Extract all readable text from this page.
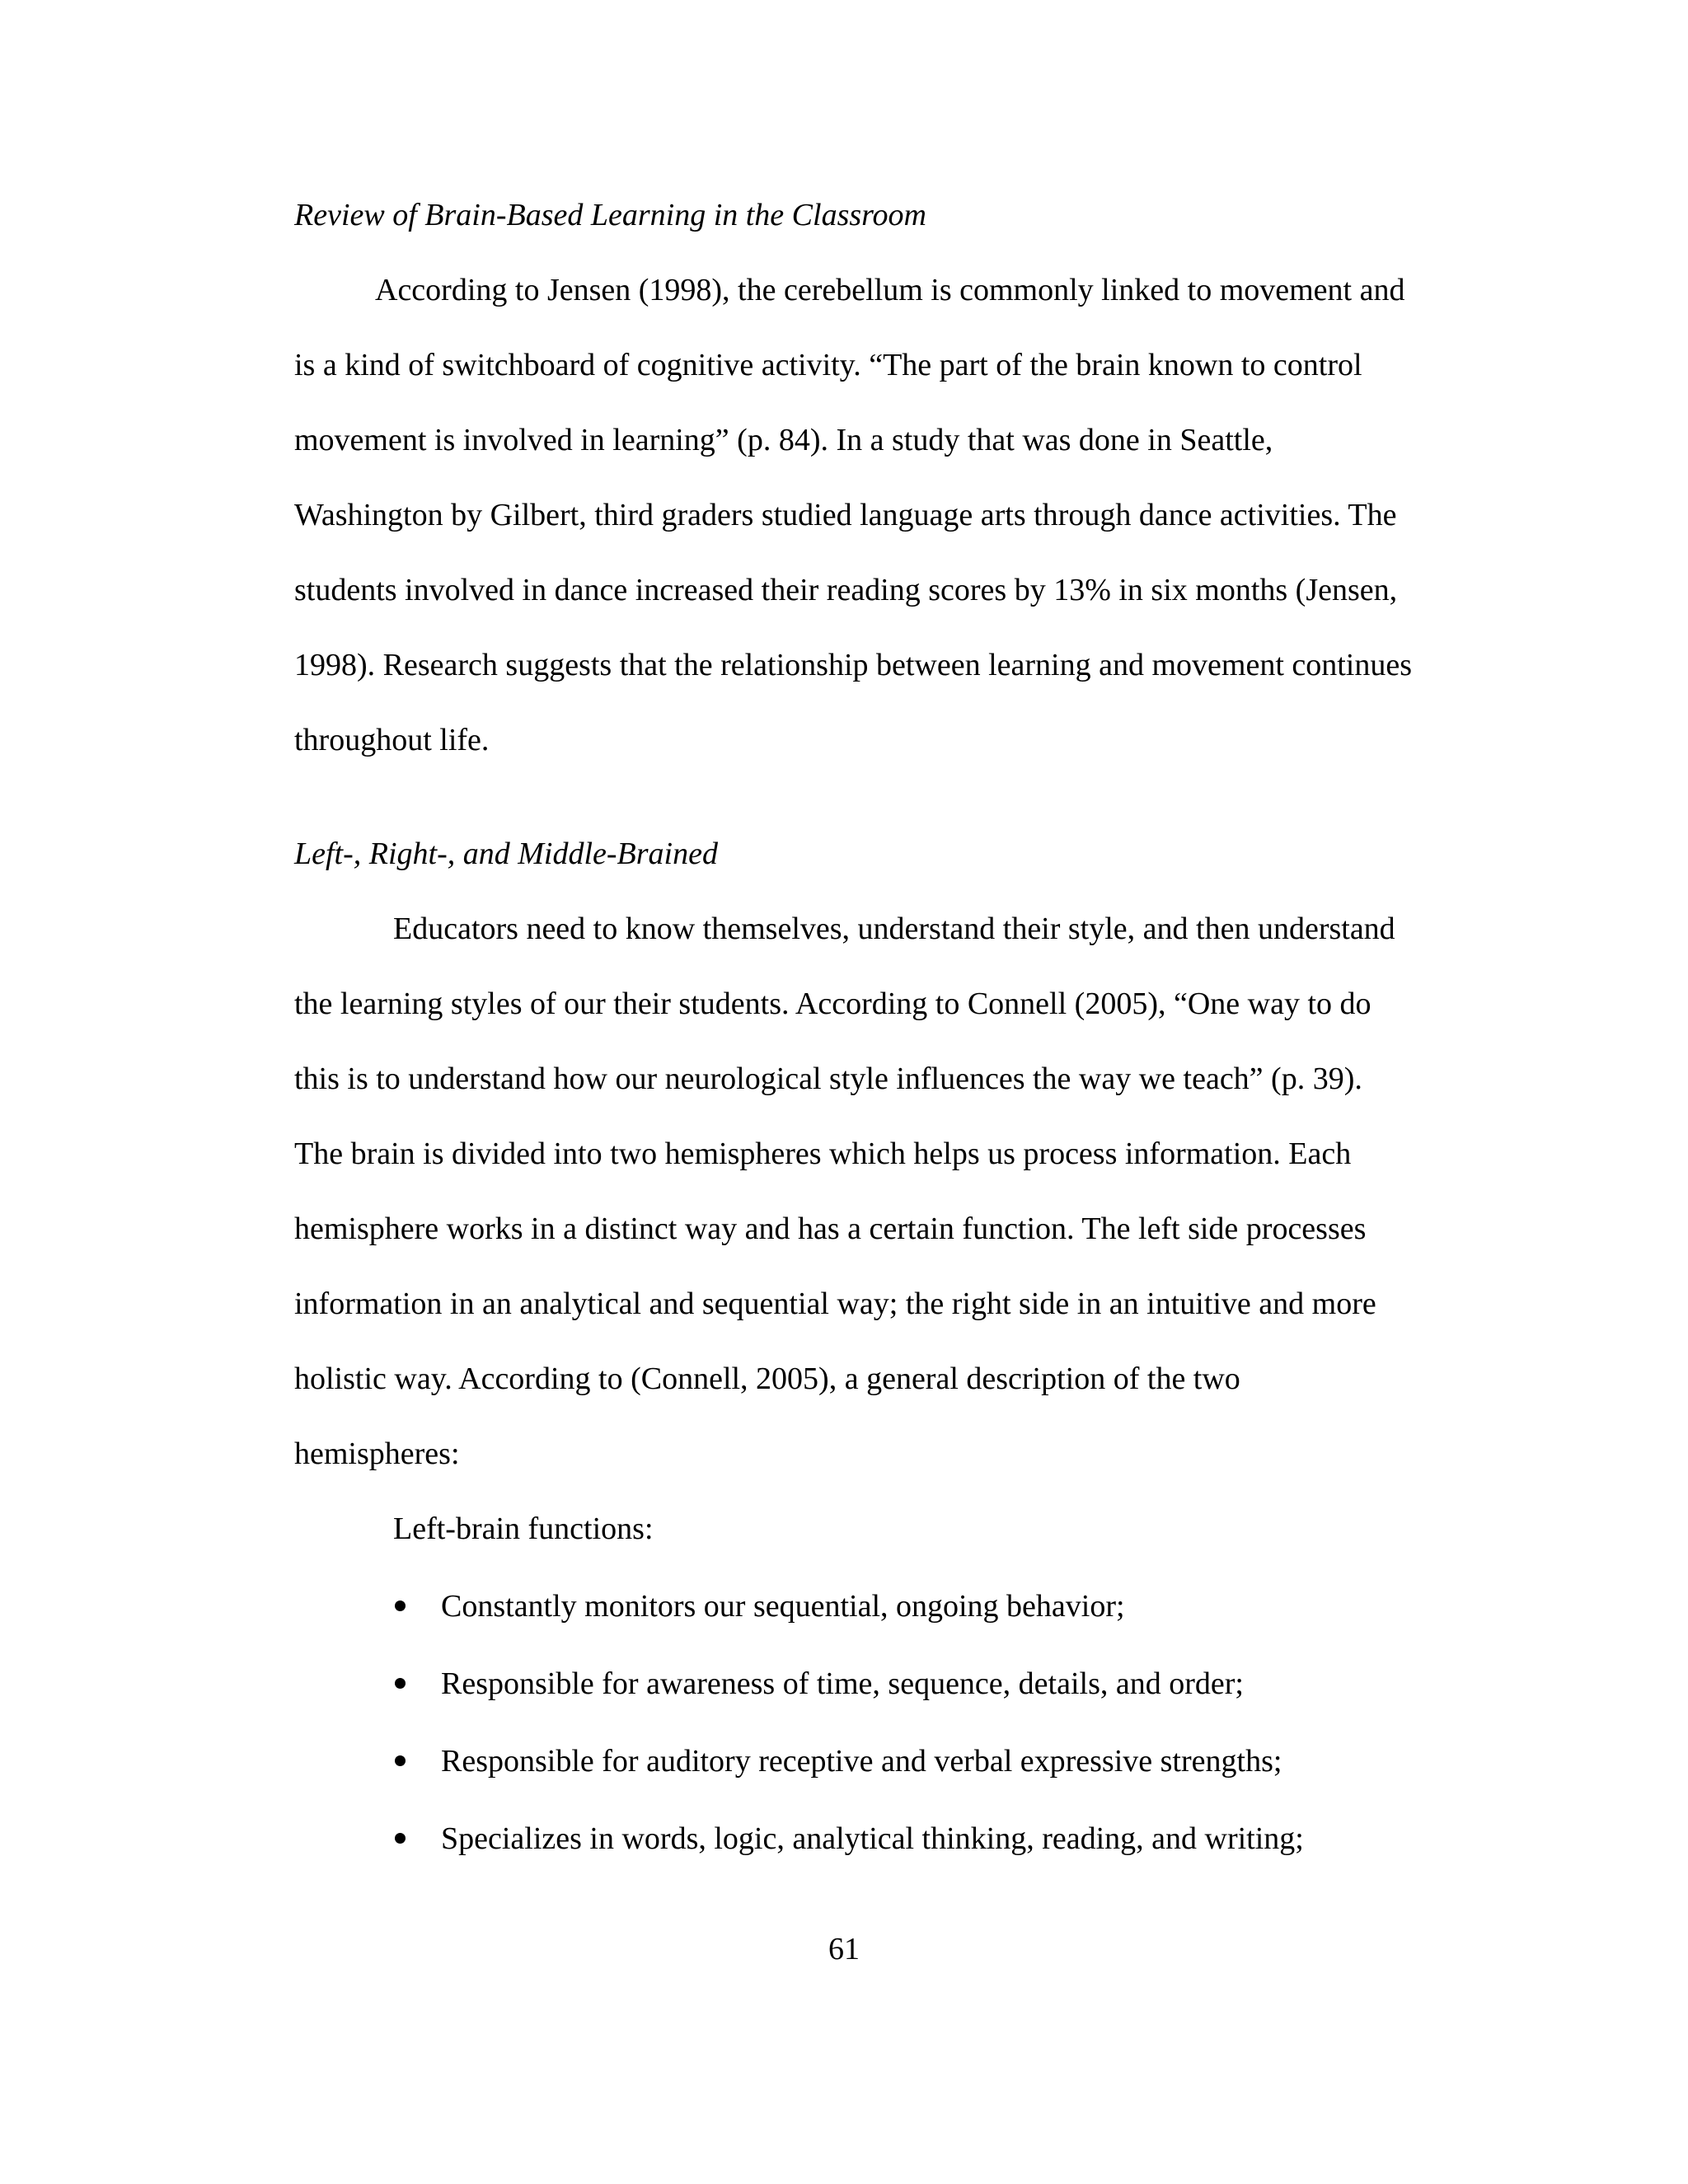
Review of Brain-Based Learning in the Classroom

According to Jensen (1998), the cerebellum is commonly linked to movement and
is a kind of switchboard of cognitive activity. “The part of the brain known to control
movement is involved in learning” (p. 84). In a study that was done in Seattle,
Washington by Gilbert, third graders studied language arts through dance activities. The
students involved in dance increased their reading scores by 13% in six months (Jensen,
1998). Research suggests that the relationship between learning and movement continues
throughout life.

Left-, Right-, and Middle-Brained

Educators need to know themselves, understand their style, and then understand
the learning styles of our their students. According to Connell (2005), “One way to do
this is to understand how our neurological style influences the way we teach” (p. 39).
The brain is divided into two hemispheres which helps us process information. Each
hemisphere works in a distinct way and has a certain function. The left side processes
information in an analytical and sequential way; the right side in an intuitive and more
holistic way. According to (Connell, 2005), a general description of the two
hemispheres:

Left-brain functions:

Constantly monitors our sequential, ongoing behavior;
Responsible for awareness of time, sequence, details, and order;
Responsible for auditory receptive and verbal expressive strengths;
Specializes in words, logic, analytical thinking, reading, and writing;

61
